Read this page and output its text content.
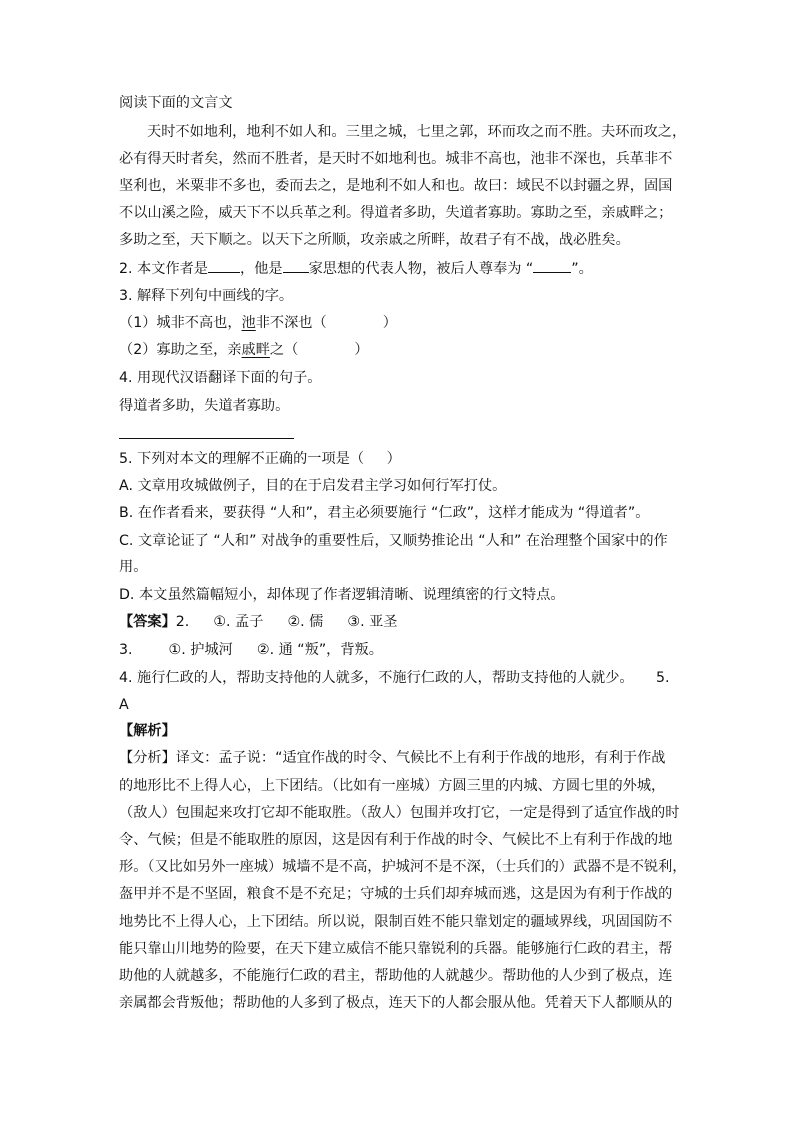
阅读下面的文言文
天时不如地利，地利不如人和。三里之城，七里之郭，环而攻之而不胜。夫环而攻之，
必有得天时者矣，然而不胜者，是天时不如地利也。城非不高也，池非不深也，兵革非不
坚利也，米粟非不多也，委而去之，是地利不如人和也。故曰：域民不以封疆之界，固国
不以山溪之险，威天下不以兵革之利。得道者多助，失道者寡助。寡助之至，亲戚畔之；
多助之至，天下顺之。以天下之所顺，攻亲戚之所畔，故君子有不战，战必胜矣。
2. 本文作者是 ，他是 家思想的代表人物，被后人尊奉为 “	”。
3. 解释下列句中画线的字。
（1）城非不高也，池非不深也（	）
（2）寡助之至，亲戚畔之（	）
4. 用现代汉语翻译下面的句子。
得道者多助，失道者寡助。
5. 下列对本文的理解不正确的一项是（     ）
A. 文章用攻城做例子，目的在于启发君主学习如何行军打仗。
B. 在作者看来，要获得 “人和”，君主必须要施行 “仁政”，这样才能成为 “得道者”。
C. 文章论证了 “人和” 对战争的重要性后，又顺势推论出 “人和” 在治理整个国家中的作
用。
D. 本文虽然篇幅短小，却体现了作者逻辑清晰、说理缜密的行文特点。
【答案】2. ①. 孟子 ②. 儒 ③. 亚圣
3.	①. 护城河 ②. 通 “叛”，背叛。
4. 施行仁政的人，帮助支持他的人就多，不施行仁政的人，帮助支持他的人就少。 5.
A
【解析】
【分析】译文：孟子说：“适宜作战的时令、气候比不上有利于作战的地形，有利于作战
的地形比不上得人心，上下团结。（比如有一座城）方圆三里的内城、方圆七里的外城，
（敌人）包围起来攻打它却不能取胜。（敌人）包围并攻打它，一定是得到了适宜作战的时
令、气候；但是不能取胜的原因，这是因有利于作战的时令、气候比不上有利于作战的地
形。（又比如另外一座城）城墙不是不高，护城河不是不深，（士兵们的）武器不是不锐利，
盔甲并不是不坚固，粮食不是不充足；守城的士兵们却弃城而逃，这是因为有利于作战的
地势比不上得人心，上下团结。所以说，限制百姓不能只靠划定的疆域界线，巩固国防不
能只靠山川地势的险要，在天下建立威信不能只靠锐利的兵器。能够施行仁政的君主，帮
助他的人就越多，不能施行仁政的君主，帮助他的人就越少。帮助他的人少到了极点，连
亲属都会背叛他；帮助他的人多到了极点，连天下的人都会服从他。凭着天下人都顺从的
